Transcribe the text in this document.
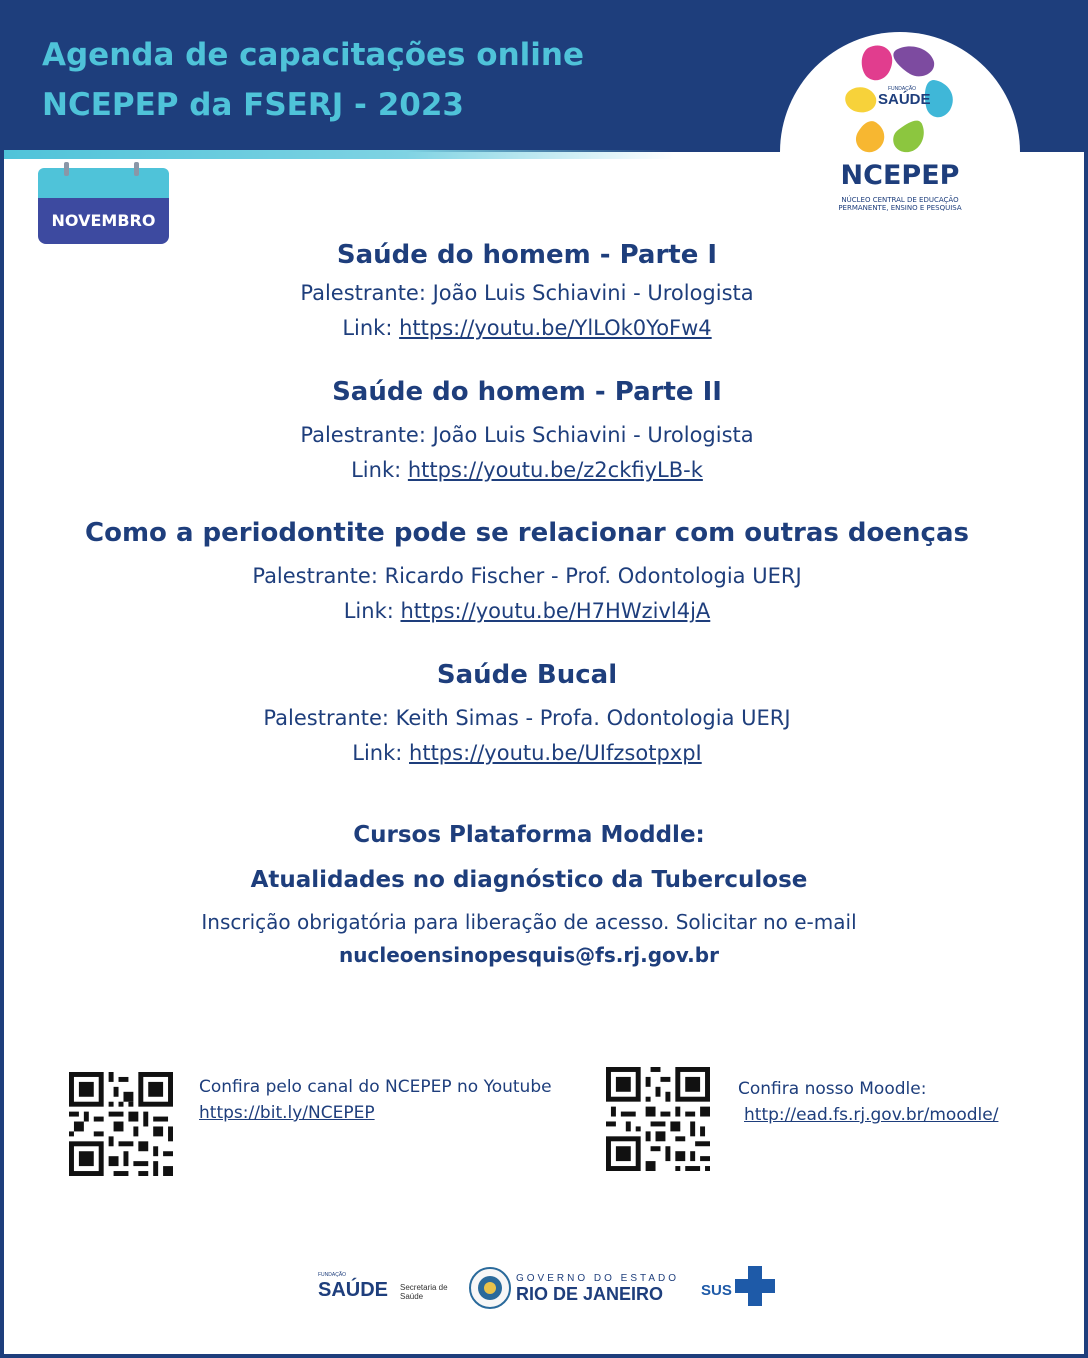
Agenda de capacitações online
NCEPEP da FSERJ - 2023	FUNDAÇÃO
SAÚDE
NCEPEP
NÚCLEO CENTRAL DE EDUCAÇÃO
PERMANENTE, ENSINO E PESQUISA
NOVEMBRO
Saúde do homem - Parte I
Palestrante: João Luis Schiavini - Urologista
Link: https://youtu.be/YlLOk0YoFw4
Saúde do homem - Parte II
Palestrante: João Luis Schiavini - Urologista
Link: https://youtu.be/z2ckfiyLB-k
Como a periodontite pode se relacionar com outras doenças
Palestrante: Ricardo Fischer - Prof. Odontologia UERJ
Link: https://youtu.be/H7HWzivl4jA
Saúde Bucal
Palestrante: Keith Simas - Profa. Odontologia UERJ
Link: https://youtu.be/UIfzsotpxpI
Cursos Plataforma Moddle:
Atualidades no diagnóstico da Tuberculose
Inscrição obrigatória para liberação de acesso. Solicitar no e-mail
nucleoensinopesquis@fs.rj.gov.br
Confira pelo canal do NCEPEP no Youtube
https://bit.ly/NCEPEP
Confira nosso Moodle:
http://ead.fs.rj.gov.br/moodle/
FUNDAÇÃO
SAÚDE Secretaria de
Saúde
GOVERNO DO ESTADO
RIO DE JANEIRO	SUS
